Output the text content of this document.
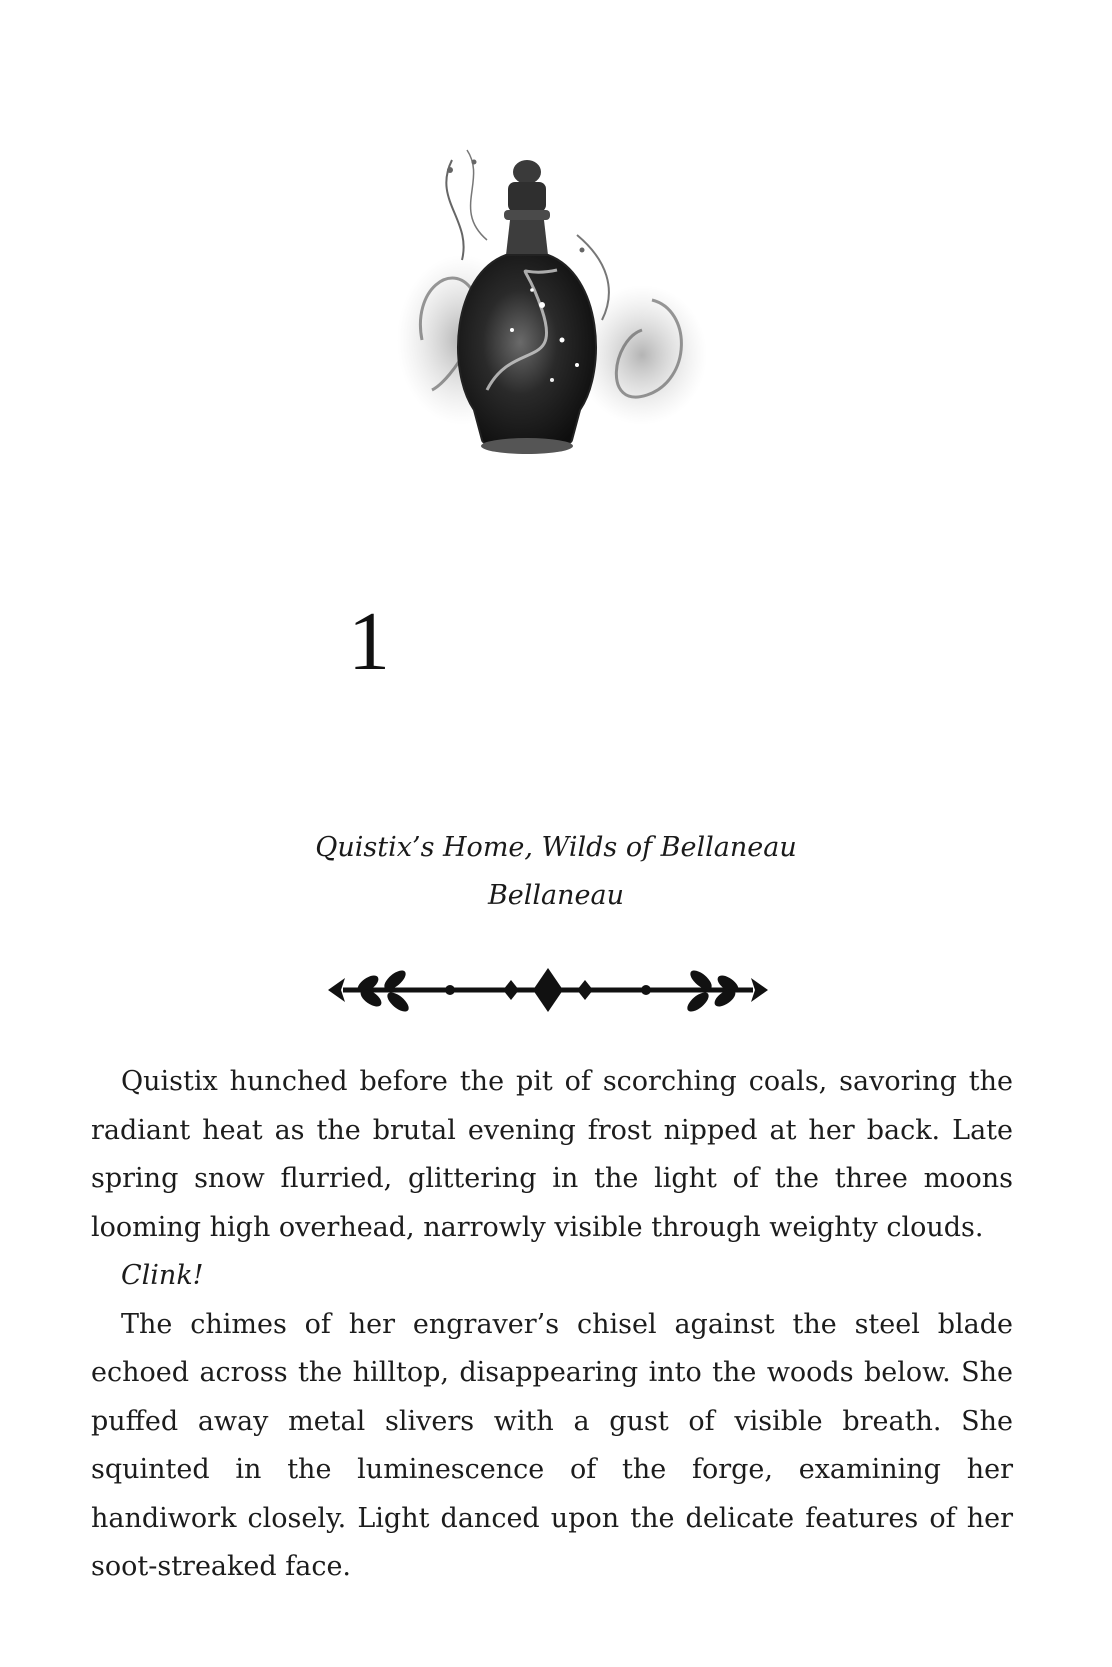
1
Quistix’s Home, Wilds of Bellaneau
Bellaneau

Quistix hunched before the pit of scorching coals, savoring the radiant heat as the brutal evening frost nipped at her back. Late spring snow flurried, glittering in the light of the three moons looming high overhead, narrowly visible through weighty clouds.

Clink!

The chimes of her engraver’s chisel against the steel blade echoed across the hilltop, disappearing into the woods below. She puffed away metal slivers with a gust of visible breath. She squinted in the luminescence of the forge, examining her handiwork closely. Light danced upon the delicate features of her soot-streaked face.
